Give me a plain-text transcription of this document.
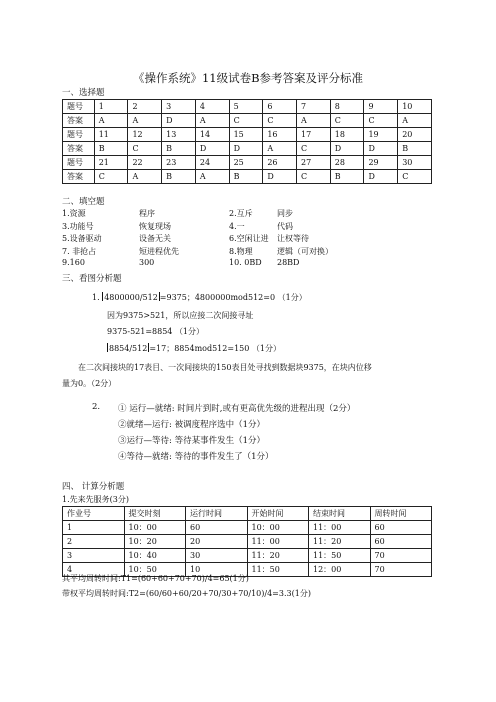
《操作系统》11级试卷B参考答案及评分标准
一、选择题
题号	1	2	3	4	5	6	7	8	9	10
答案	A	A	D	A	C	C	A	C	C	A
题号	11	12	13	14	15	16	17	18	19	20
答案	B	C	B	D	D	A	C	D	D	B
题号	21	22	23	24	25	26	27	28	29	30
答案	C	A	B	A	B	D	C	B	D	C
二、填空题
1.资源	程序	2.互斥	同步
3.功能号	恢复现场	4.一	代码
5.设备驱动	设备无关	6.空闲让进 让权等待
7. 非抢占	短进程优先	8.物理	逻辑（可对换）
9.160	300	10. 0BD 28BD
三、看图分析题
1. 4800000/512 =9375；4800000mod512=0 （1分）
因为9375>521，所以应接二次间接寻址
9375-521=8854 （1分）
8854/512 =17；8854mod512=150 （1分）
在二次间接块的17表目、一次间接块的150表目处寻找到数据块9375，在块内位移
量为0。（2分）
2. ① 运行—就绪: 时间片到时,或有更高优先级的进程出现（2分）
②就绪—运行: 被调度程序选中（1分）
③运行—等待: 等待某事件发生（1分）
④等待—就绪: 等待的事件发生了（1分）
四、 计算分析题
1.先来先服务(3分)
作业号	提交时刻	运行时间	开始时间	结束时间	周转时间
1	10：00	60	10：00	11：00	60
2	10：20	20	11：00	11：20	60
3	10：40	30	11：20	11：50	70
4	10：50	10	11：50	12：00	70
其平均周转时间:T1=(60+60+70+70)/4=65(1分)
带权平均周转时间:T2=(60/60+60/20+70/30+70/10)/4=3.3(1分)
